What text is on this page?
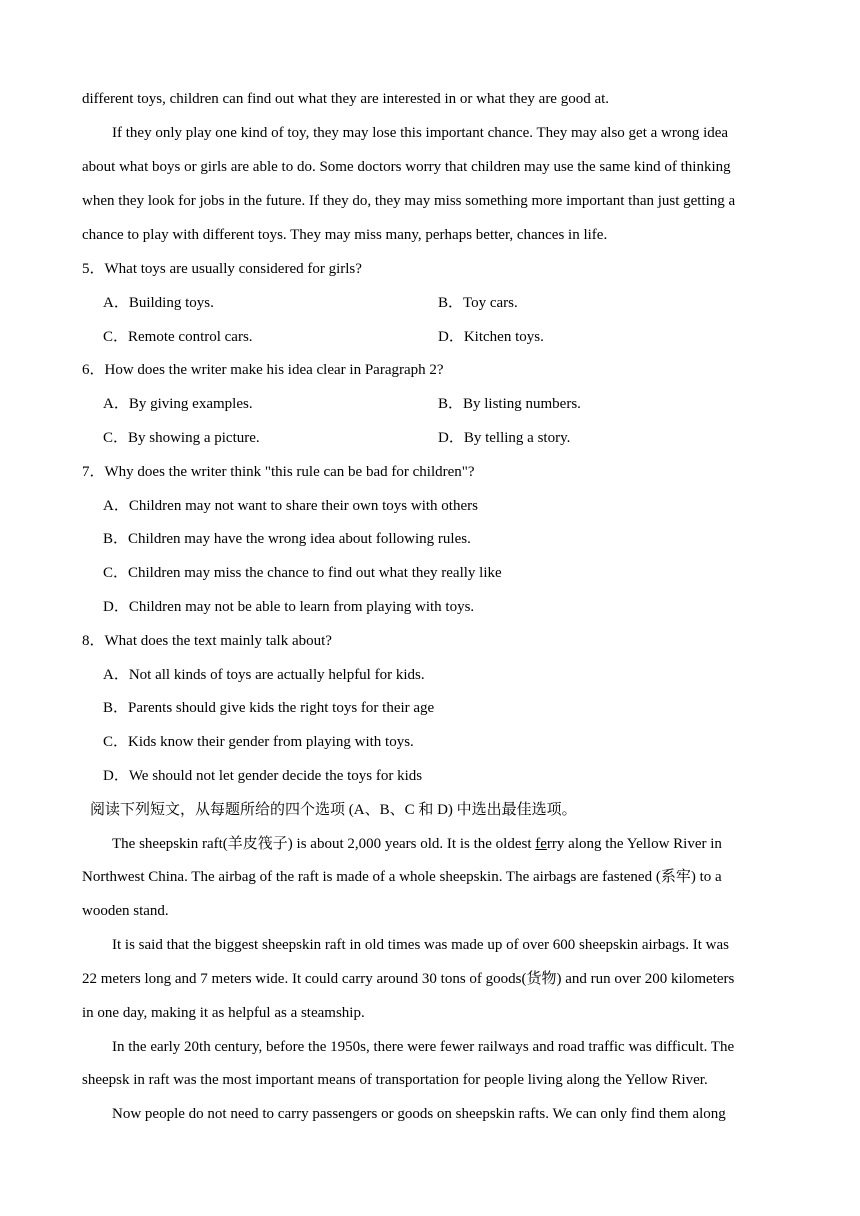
different toys, children can find out what they are interested in or what they are good at.
If they only play one kind of toy, they may lose this important chance. They may also get a wrong idea
about what boys or girls are able to do. Some doctors worry that children may use the same kind of thinking
when they look for jobs in the future. If they do, they may miss something more important than just getting a
chance to play with different toys. They may miss many, perhaps better, chances in life.
5．What toys are usually considered for girls?
A．Building toys.	B．Toy cars.
C．Remote control cars.	D．Kitchen toys.
6．How does the writer make his idea clear in Paragraph 2?
A．By giving examples.	B．By listing numbers.
C．By showing a picture.	D．By telling a story.
7．Why does the writer think "this rule can be bad for children"?
A．Children may not want to share their own toys with others
B．Children may have the wrong idea about following rules.
C．Children may miss the chance to find out what they really like
D．Children may not be able to learn from playing with toys.
8．What does the text mainly talk about?
A．Not all kinds of toys are actually helpful for kids.
B．Parents should give kids the right toys for their age
C．Kids know their gender from playing with toys.
D．We should not let gender decide the toys for kids
阅读下列短文，从每题所给的四个选项 (A、B、C 和 D) 中选出最佳选项。
The sheepskin raft(羊皮筏子) is about 2,000 years old. It is the oldest ferry along the Yellow River in
Northwest China. The airbag of the raft is made of a whole sheepskin. The airbags are fastened (系牢) to a
wooden stand.
It is said that the biggest sheepskin raft in old times was made up of over 600 sheepskin airbags. It was
22 meters long and 7 meters wide. It could carry around 30 tons of goods(货物) and run over 200 kilometers
in one day, making it as helpful as a steamship.
In the early 20th century, before the 1950s, there were fewer railways and road traffic was difficult. The
sheepsk in raft was the most important means of transportation for people living along the Yellow River.
Now people do not need to carry passengers or goods on sheepskin rafts. We can only find them along
